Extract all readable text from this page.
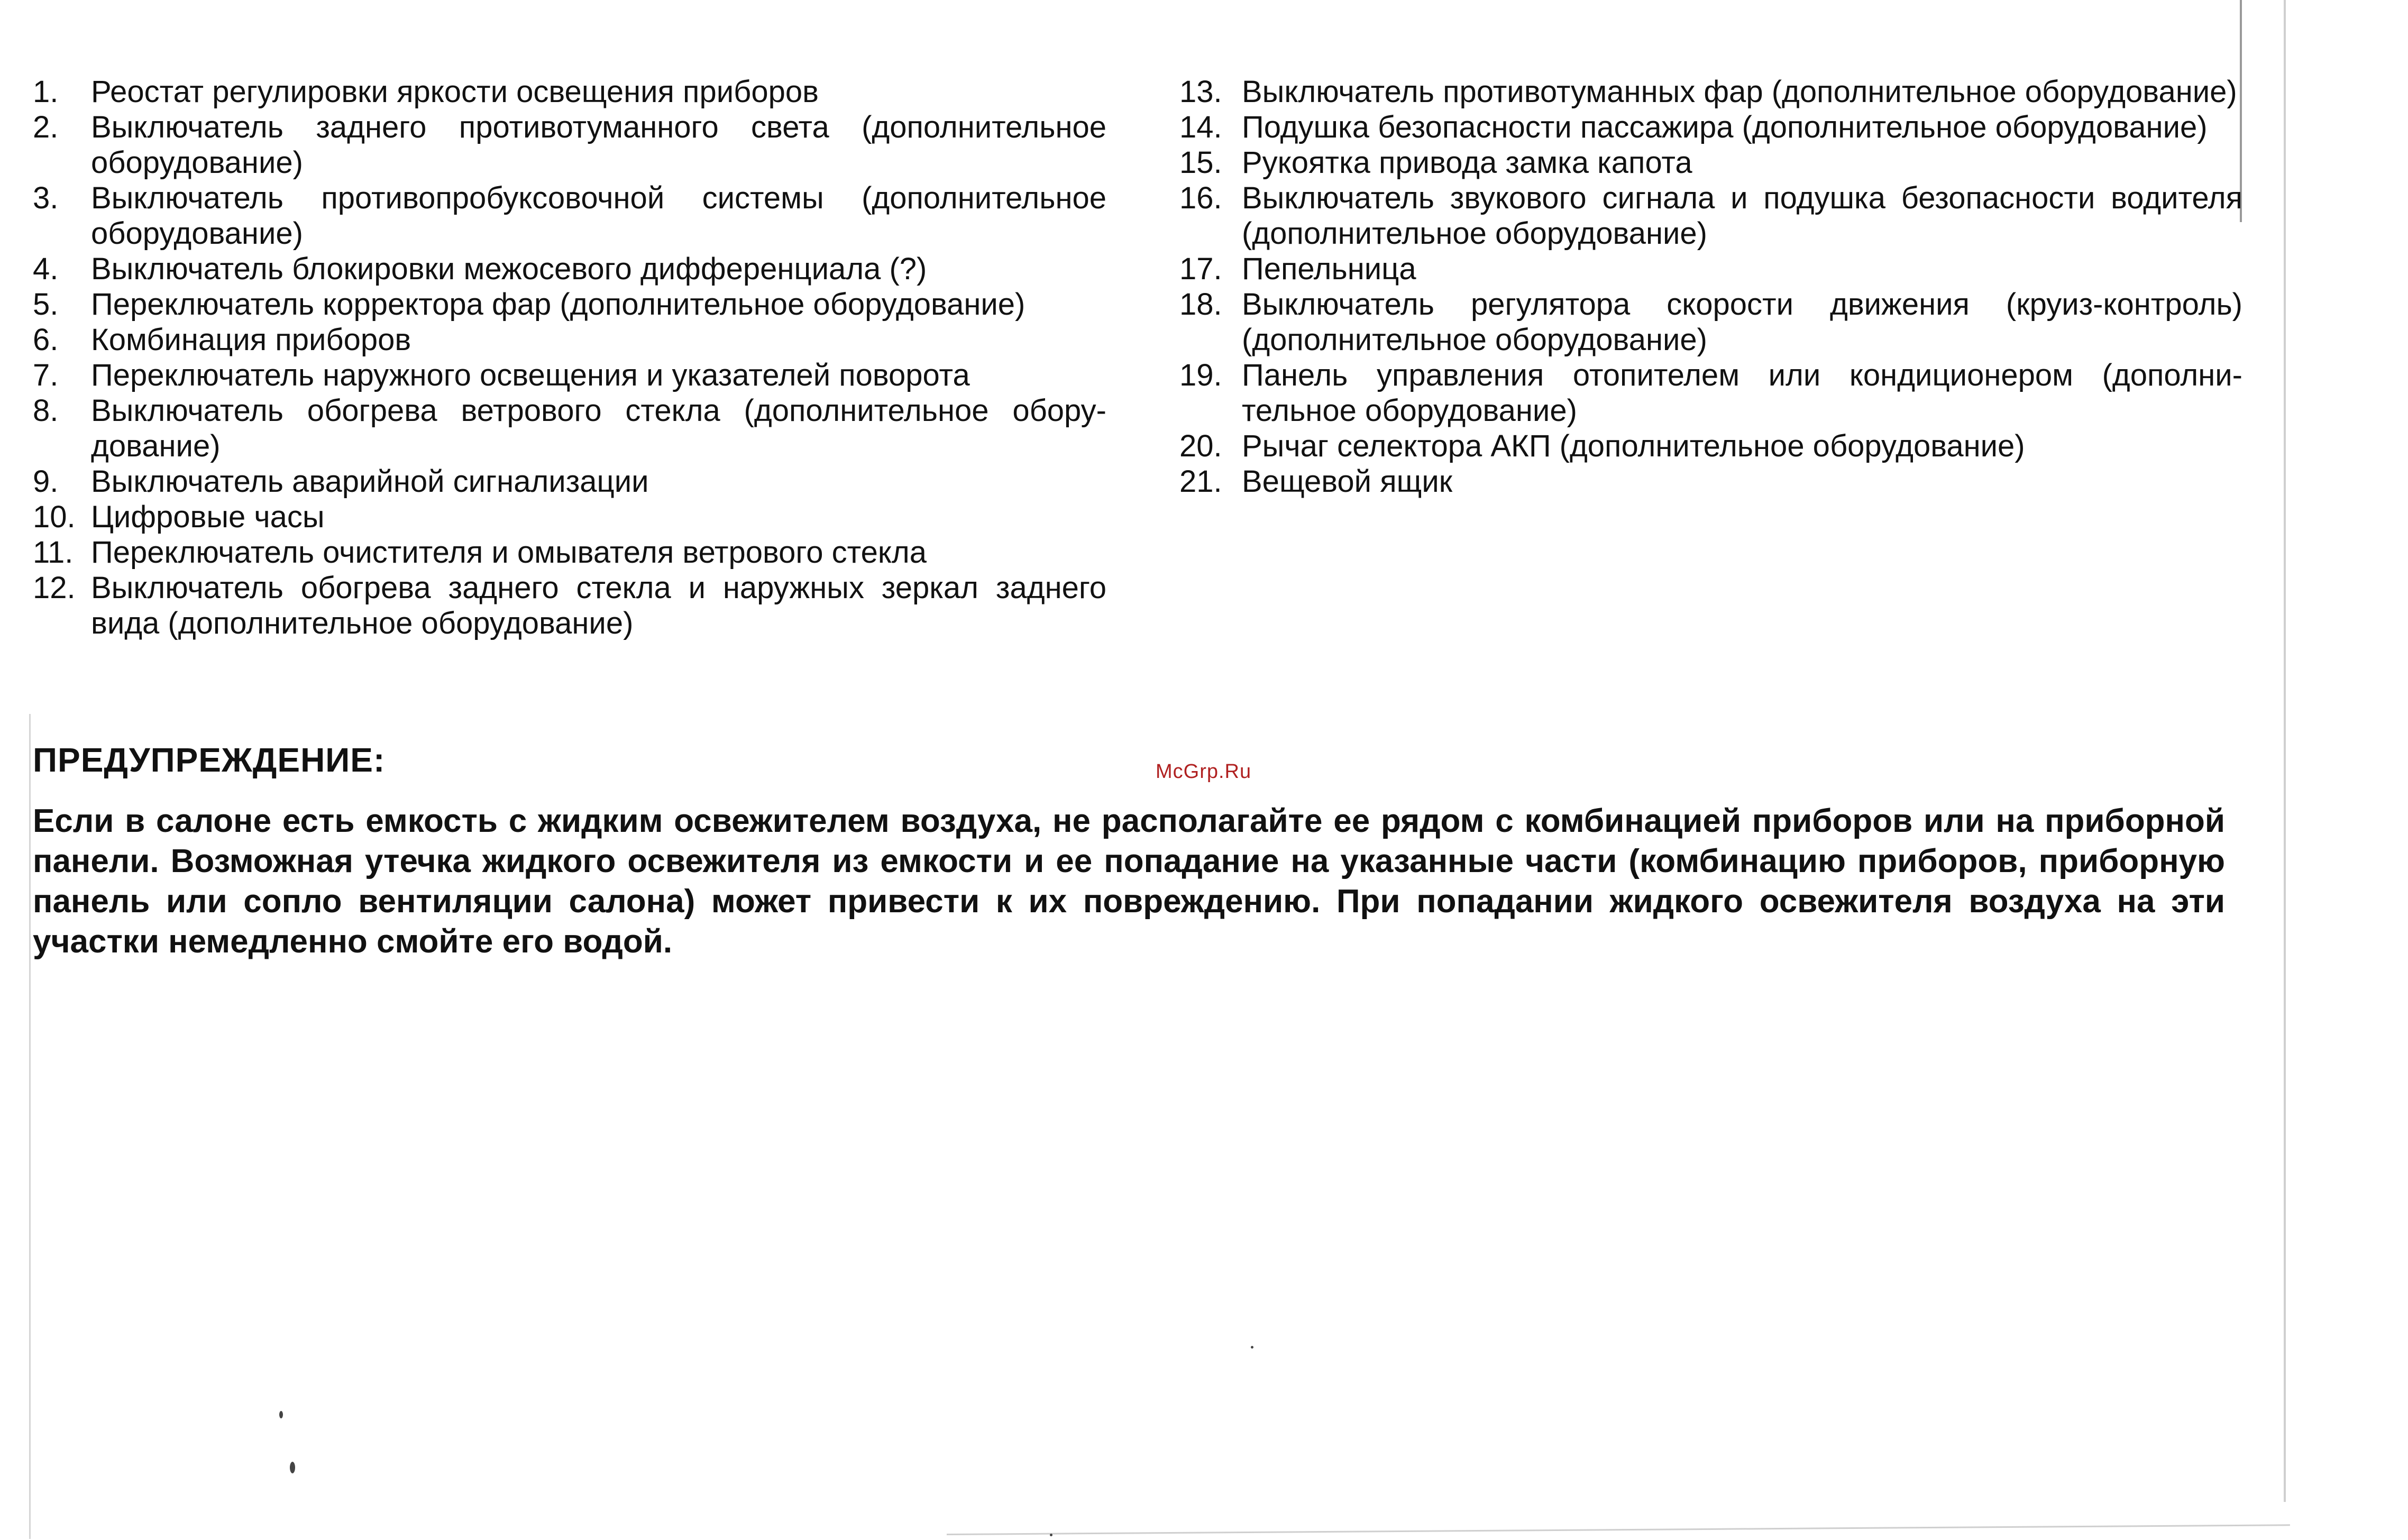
1.	Реостат регулировки яркости освещения приборов
2.	Выключатель заднего противотуманного света (дополнительное оборудование)
3.	Выключатель противопробуксовочной системы (дополнительное оборудование)
4.	Выключатель блокировки межосевого дифференциала (?)
5.	Переключатель корректора фар (дополнительное оборудование)
6.	Комбинация приборов
7.	Переключатель наружного освещения и указателей поворота
8.	Выключатель обогрева ветрового стекла (дополнительное оборудование)
9.	Выключатель аварийной сигнализации
10. Цифровые часы
11. Переключатель очистителя и омывателя ветрового стекла
12. Выключатель обогрева заднего стекла и наружных зеркал заднего вида (дополнительное оборудование)
13. Выключатель противотуманных фар (дополнительное оборудование)
14. Подушка безопасности пассажира (дополнительное оборудование)
15. Рукоятка привода замка капота
16. Выключатель звукового сигнала и подушка безопасности водителя (дополнительное оборудование)
17. Пепельница
18. Выключатель регулятора скорости движения (круиз-контроль) (дополнительное оборудование)
19. Панель управления отопителем или кондиционером (дополнительное оборудование)
20. Рычаг селектора АКП (дополнительное оборудование)
21. Вещевой ящик
McGrp.Ru
ПРЕДУПРЕЖДЕНИЕ:
Если в салоне есть емкость с жидким освежителем воздуха, не располагайте ее рядом с комбинацией приборов или на приборной панели. Возможная утечка жидкого освежителя из емкости и ее попадание на указанные части (комбинацию приборов, приборную панель или сопло вентиляции салона) может привести к их повреждению. При попадании жидкого освежителя воздуха на эти участки немедленно смойте его водой.
